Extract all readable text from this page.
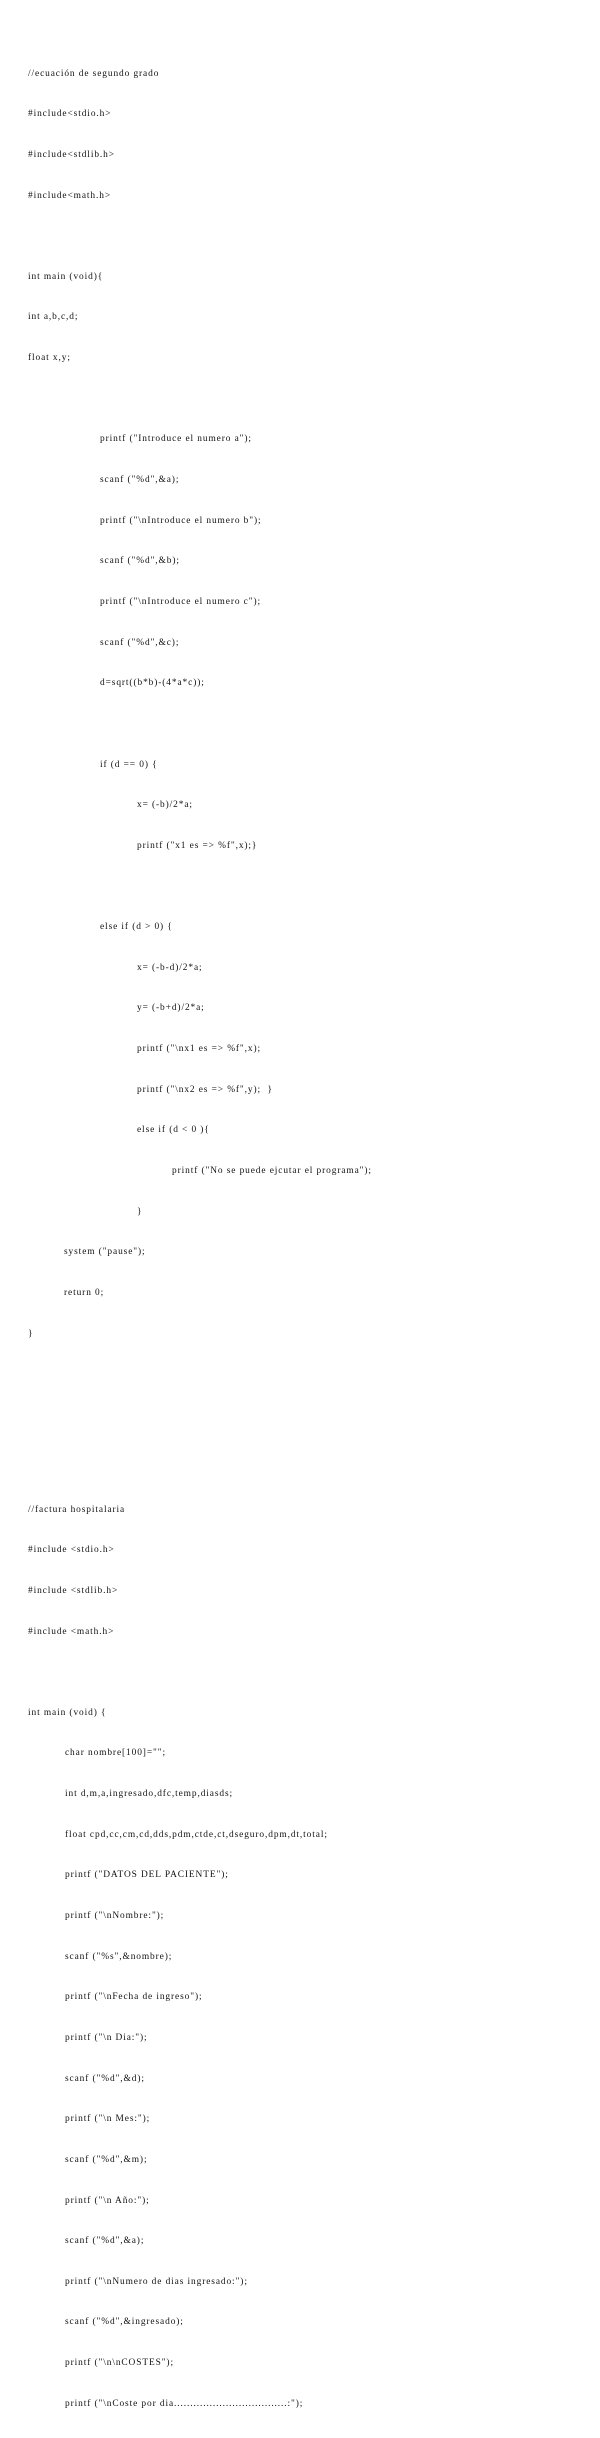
//ecuación de segundo grado

#include<stdio.h>

#include<stdlib.h>

#include<math.h>

int main (void){

int a,b,c,d;

float x,y;

printf ("Introduce el numero a");

scanf ("%d",&a);

printf ("\nIntroduce el numero b");

scanf ("%d",&b);

printf ("\nIntroduce el numero c");

scanf ("%d",&c);

d=sqrt((b*b)-(4*a*c));

if (d == 0) {

x= (-b)/2*a;

printf ("x1 es => %f",x);}

else if (d > 0) {

x= (-b-d)/2*a;

y= (-b+d)/2*a;

printf ("\nx1 es => %f",x);

printf ("\nx2 es => %f",y);  }

else if (d < 0 ){

printf ("No se puede ejcutar el programa");

}

system ("pause");

return 0;

}

//factura hospitalaria

#include <stdio.h>

#include <stdlib.h>

#include <math.h>

int main (void) {

char nombre[100]="";

int d,m,a,ingresado,dfc,temp,diasds;

float cpd,cc,cm,cd,dds,pdm,ctde,ct,dseguro,dpm,dt,total;

printf ("DATOS DEL PACIENTE");

printf ("\nNombre:");

scanf ("%s",&nombre);

printf ("\nFecha de ingreso");

printf ("\n Dia:");

scanf ("%d",&d);

printf ("\n Mes:");

scanf ("%d",&m);

printf ("\n Año:");

scanf ("%d",&a);

printf ("\nNumero de dias ingresado:");

scanf ("%d",&ingresado);

printf ("\n\nCOSTES");

printf ("\nCoste por dia...................................:");
